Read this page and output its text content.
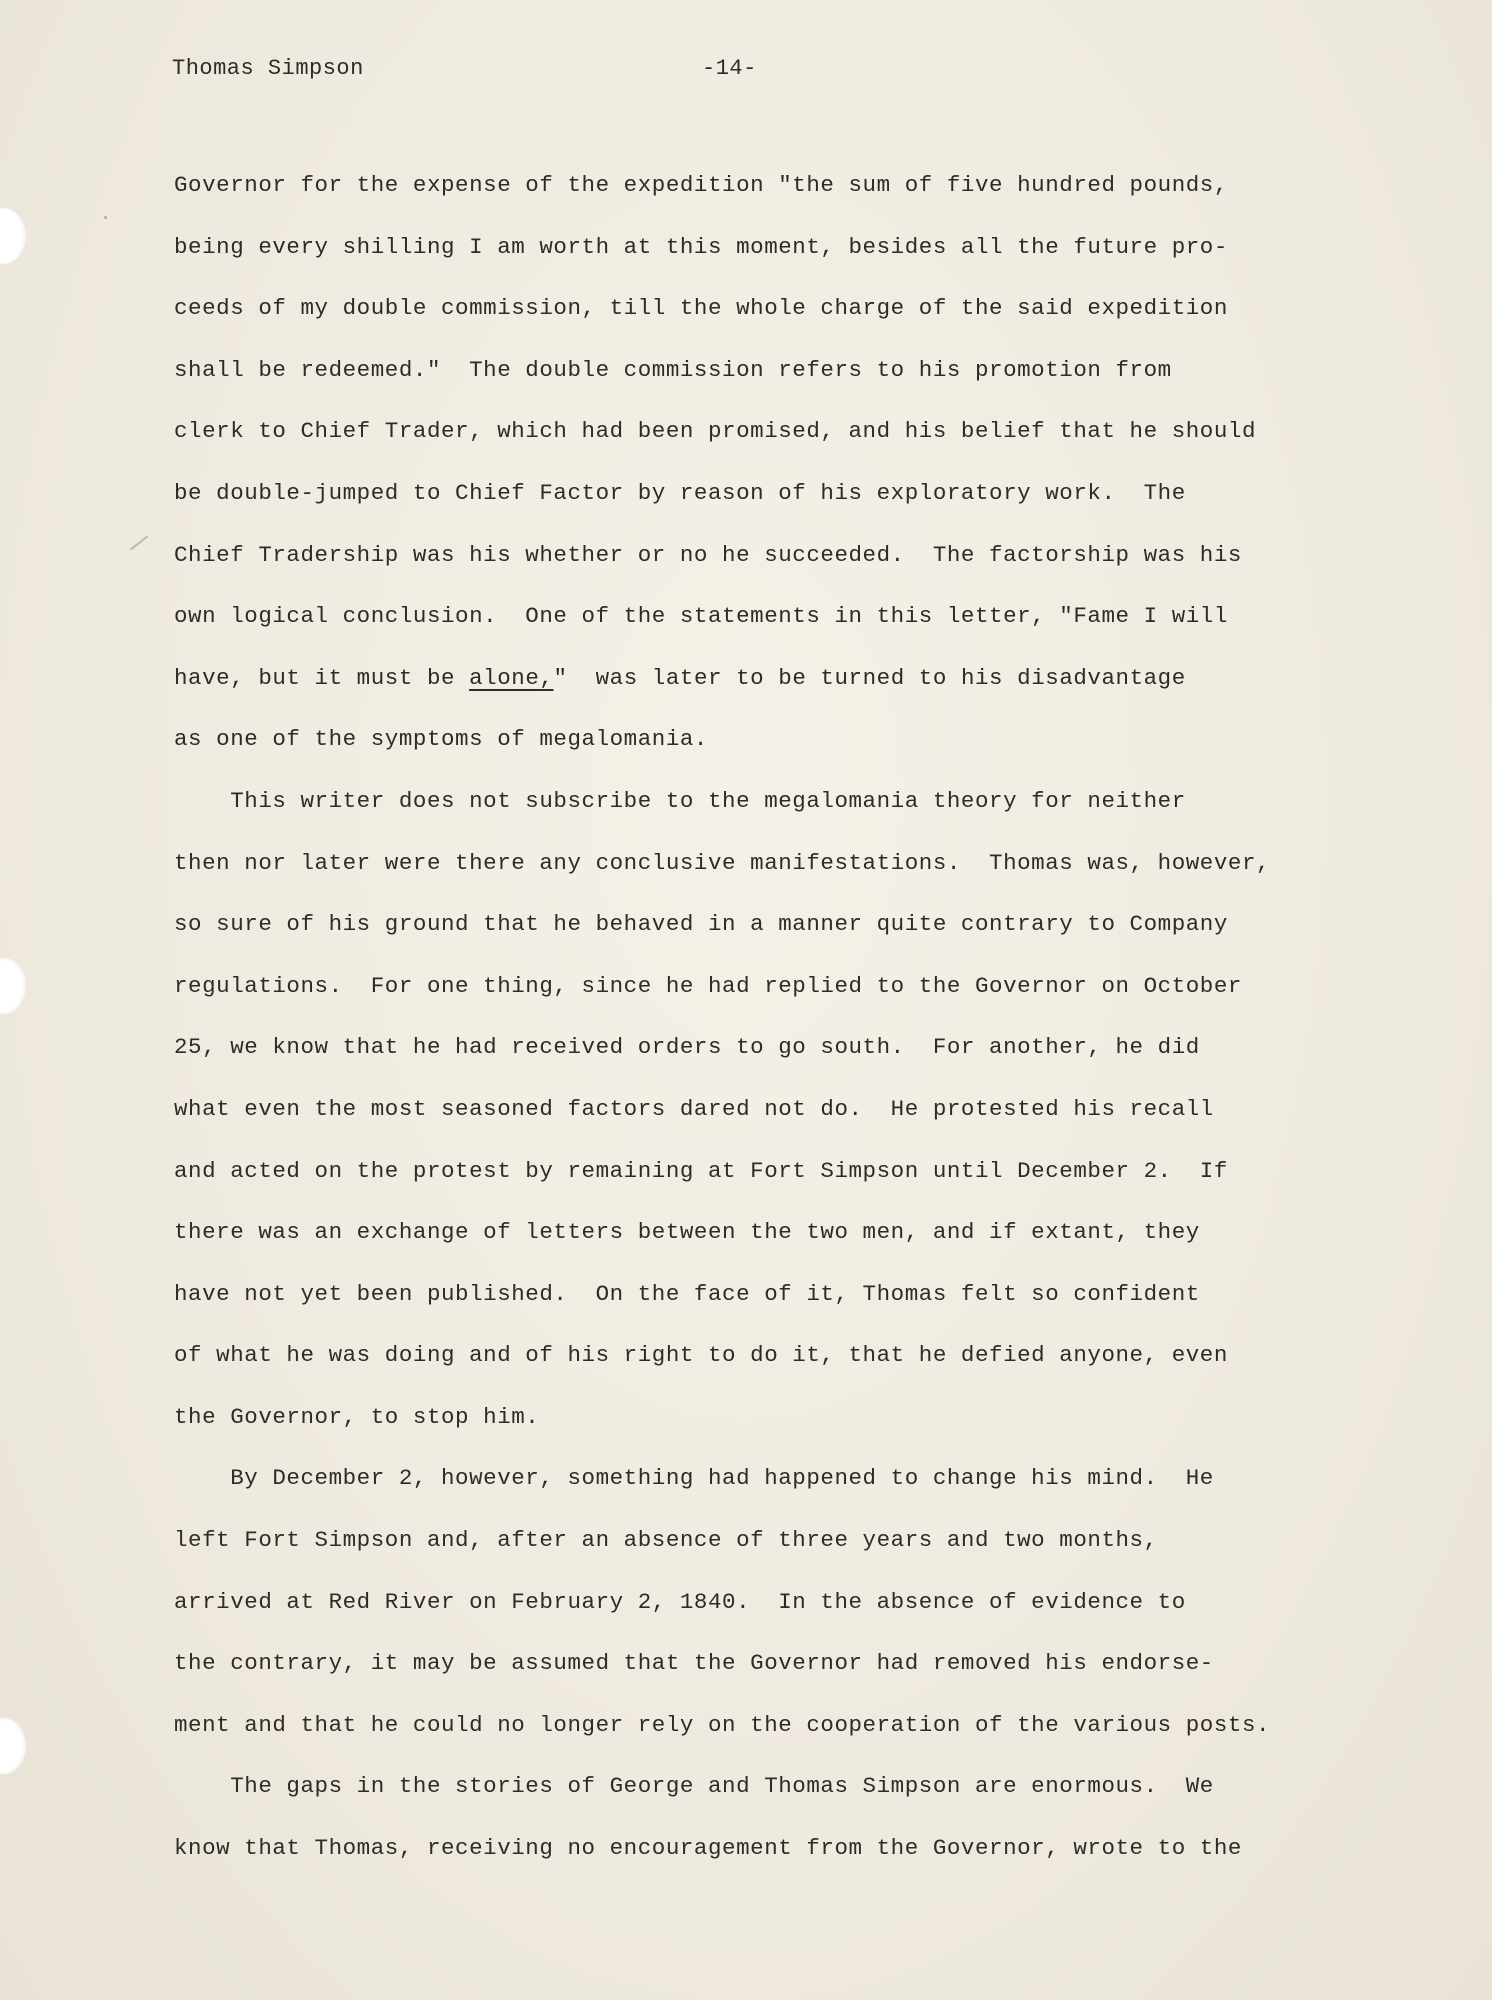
Thomas Simpson	-14-
Governor for the expense of the expedition "the sum of five hundred pounds,
being every shilling I am worth at this moment, besides all the future pro-
ceeds of my double commission, till the whole charge of the said expedition
shall be redeemed."  The double commission refers to his promotion from
clerk to Chief Trader, which had been promised, and his belief that he should
be double-jumped to Chief Factor by reason of his exploratory work.  The
Chief Tradership was his whether or no he succeeded.  The factorship was his
own logical conclusion.  One of the statements in this letter, "Fame I will
have, but it must be alone,"  was later to be turned to his disadvantage
as one of the symptoms of megalomania.
This writer does not subscribe to the megalomania theory for neither
then nor later were there any conclusive manifestations.  Thomas was, however,
so sure of his ground that he behaved in a manner quite contrary to Company
regulations.  For one thing, since he had replied to the Governor on October
25, we know that he had received orders to go south.  For another, he did
what even the most seasoned factors dared not do.  He protested his recall
and acted on the protest by remaining at Fort Simpson until December 2.  If
there was an exchange of letters between the two men, and if extant, they
have not yet been published.  On the face of it, Thomas felt so confident
of what he was doing and of his right to do it, that he defied anyone, even
the Governor, to stop him.
By December 2, however, something had happened to change his mind.  He
left Fort Simpson and, after an absence of three years and two months,
arrived at Red River on February 2, 1840.  In the absence of evidence to
the contrary, it may be assumed that the Governor had removed his endorse-
ment and that he could no longer rely on the cooperation of the various posts.
The gaps in the stories of George and Thomas Simpson are enormous.  We
know that Thomas, receiving no encouragement from the Governor, wrote to the
